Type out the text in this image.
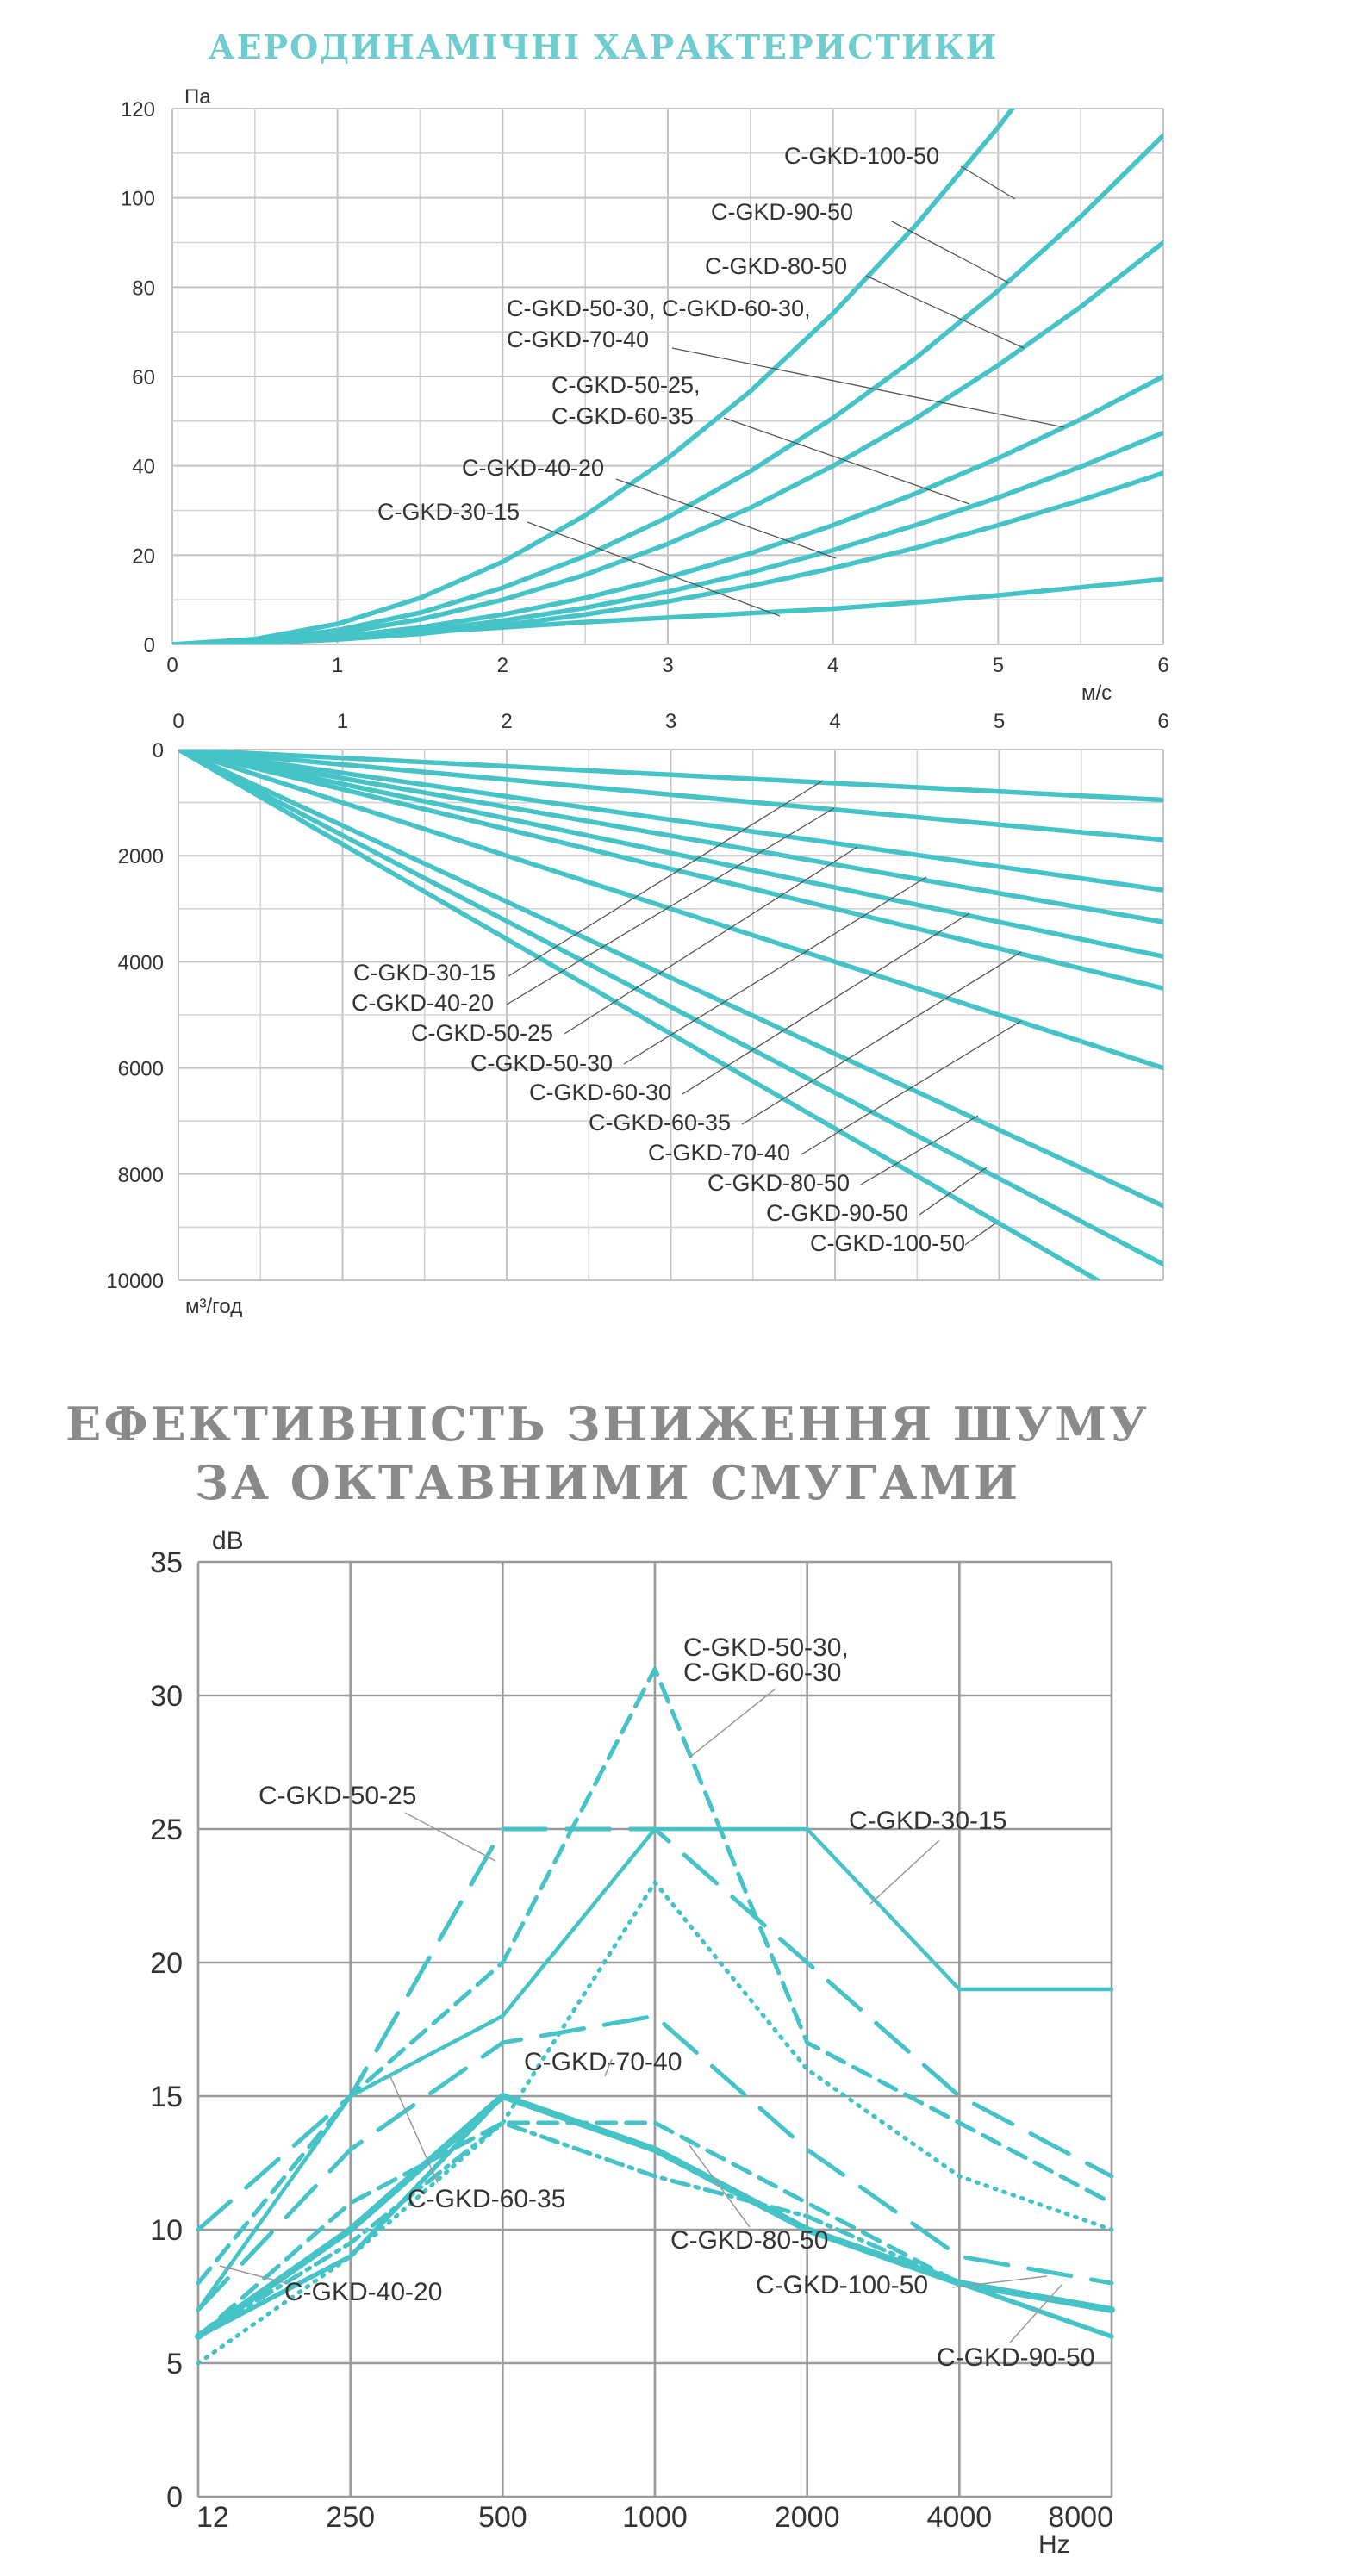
АЕРОДИНАМІЧНІ ХАРАКТЕРИСТИКИ
0	1	2	3	4	5	6
0
20
40
60
80
100
120
Па
м/с
C-GKD-100-50
C-GKD-90-50
C-GKD-80-50
C-GKD-50-30, C-GKD-60-30,
C-GKD-70-40
C-GKD-50-25,
C-GKD-60-35
C-GKD-40-20
C-GKD-30-15
0	1	2	3	4	5	6
0
2000
4000
6000
8000
10000
м³/год
C-GKD-30-15
C-GKD-40-20
C-GKD-50-25
C-GKD-50-30
C-GKD-60-30
C-GKD-60-35
C-GKD-70-40
C-GKD-80-50
C-GKD-90-50
C-GKD-100-50
ЕФЕКТИВНІСТЬ ЗНИЖЕННЯ ШУМУ
ЗА ОКТАВНИМИ СМУГАМИ
0
5
10
15
20
25
30
35
12	250	500	1000	2000	4000 8000
dB
Hz
C-GKD-50-30,
C-GKD-60-30
C-GKD-50-25
C-GKD-30-15
C-GKD-70-40
C-GKD-60-35
C-GKD-40-20
C-GKD-80-50
C-GKD-100-50
C-GKD-90-50
